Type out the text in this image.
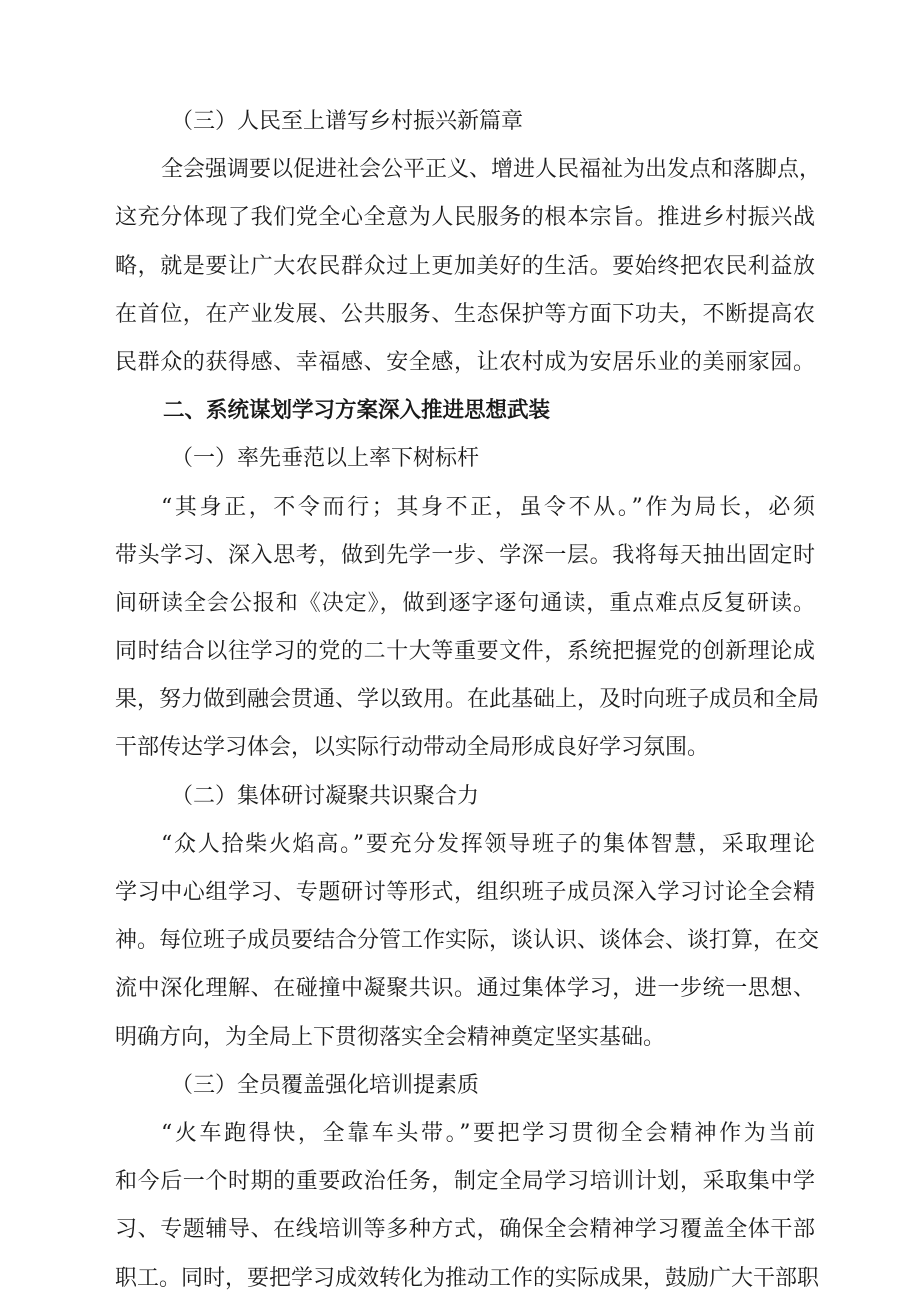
（三）人民至上谱写乡村振兴新篇章
全会强调要以促进社会公平正义、增进人民福祉为出发点和落脚点，
这充分体现了我们党全心全意为人民服务的根本宗旨。推进乡村振兴战
略，就是要让广大农民群众过上更加美好的生活。要始终把农民利益放
在首位，在产业发展、公共服务、生态保护等方面下功夫，不断提高农
民群众的获得感、幸福感、安全感，让农村成为安居乐业的美丽家园。
二、系统谋划学习方案深入推进思想武装
（一）率先垂范以上率下树标杆
“其身正，不令而行；其身不正，虽令不从。”作为局长，必须
带头学习、深入思考，做到先学一步、学深一层。我将每天抽出固定时
间研读全会公报和《决定》，做到逐字逐句通读，重点难点反复研读。
同时结合以往学习的党的二十大等重要文件，系统把握党的创新理论成
果，努力做到融会贯通、学以致用。在此基础上，及时向班子成员和全局
干部传达学习体会，以实际行动带动全局形成良好学习氛围。
（二）集体研讨凝聚共识聚合力
“众人拾柴火焰高。”要充分发挥领导班子的集体智慧，采取理论
学习中心组学习、专题研讨等形式，组织班子成员深入学习讨论全会精
神。每位班子成员要结合分管工作实际，谈认识、谈体会、谈打算，在交
流中深化理解、在碰撞中凝聚共识。通过集体学习，进一步统一思想、
明确方向，为全局上下贯彻落实全会精神奠定坚实基础。
（三）全员覆盖强化培训提素质
“火车跑得快，全靠车头带。”要把学习贯彻全会精神作为当前
和今后一个时期的重要政治任务，制定全局学习培训计划，采取集中学
习、专题辅导、在线培训等多种方式，确保全会精神学习覆盖全体干部
职工。同时，要把学习成效转化为推动工作的实际成果，鼓励广大干部职
